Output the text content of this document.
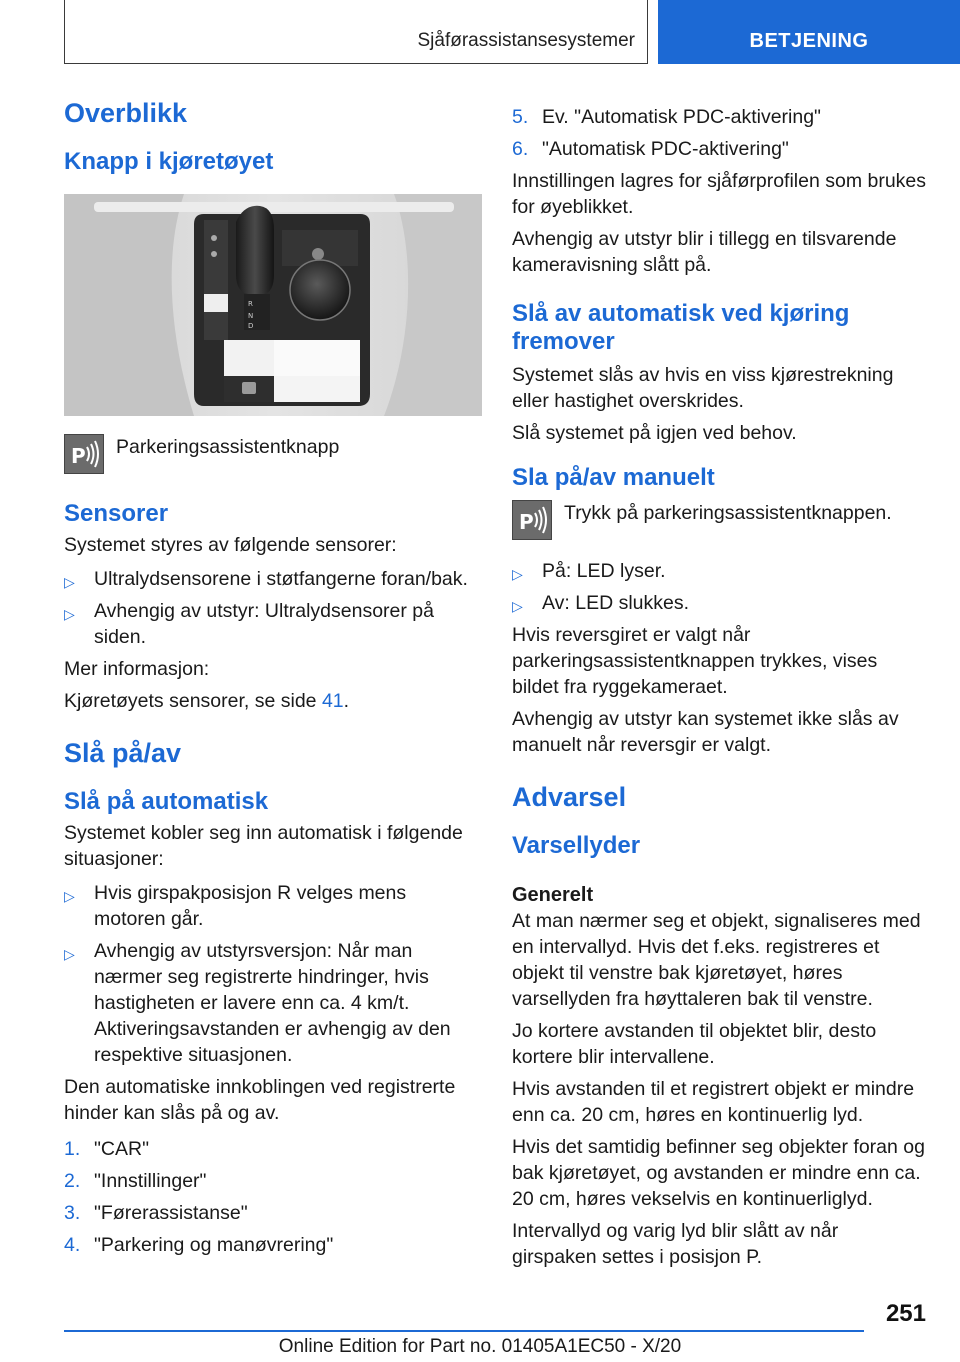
Sjåførassistansesystemer	BETJENING
Overblikk
Knapp i kjøretøyet
R
N
D
P	Parkeringsassistentknapp
Sensorer

Systemet styres av følgende sensorer:

▷ Ultralydsensorene i støtfangerne foran/bak.
▷ Avhengig av utstyr: Ultralydsensorer på siden.

Mer informasjon:

Kjøretøyets sensorer, se side 41.

Slå på/av
Slå på automatisk

Systemet kobler seg inn automatisk i følgende situasjoner:

▷ Hvis girspakposisjon R velges mens motoren går.
▷ Avhengig av utstyrsversjon: Når man nærmer seg registrerte hindringer, hvis hastigheten er lavere enn ca. 4 km/t. Aktiveringsavstanden er avhengig av den respektive situasjonen.

Den automatiske innkoblingen ved registrerte hinder kan slås på og av.

1. "CAR"
2. "Innstillinger"
3. "Førerassistanse"
4. "Parkering og manøvrering"
5. Ev. "Automatisk PDC-aktivering"
6. "Automatisk PDC-aktivering"

Innstillingen lagres for sjåførprofilen som brukes for øyeblikket.

Avhengig av utstyr blir i tillegg en tilsvarende kameravisning slått på.

Slå av automatisk ved kjøring fremover

Systemet slås av hvis en viss kjørestrekning eller hastighet overskrides.

Slå systemet på igjen ved behov.

Sla på/av manuelt
P	Trykk på parkeringsassistentknappen.
▷ På: LED lyser.
▷ Av: LED slukkes.

Hvis reversgiret er valgt når parkeringsassistentknappen trykkes, vises bildet fra ryggekameraet.

Avhengig av utstyr kan systemet ikke slås av manuelt når reversgir er valgt.

Advarsel
Varsellyder
Generelt

At man nærmer seg et objekt, signaliseres med en intervallyd. Hvis det f.eks. registreres et objekt til venstre bak kjøretøyet, høres varsellyden fra høyttaleren bak til venstre.

Jo kortere avstanden til objektet blir, desto kortere blir intervallene.

Hvis avstanden til et registrert objekt er mindre enn ca. 20 cm, høres en kontinuerlig lyd.

Hvis det samtidig befinner seg objekter foran og bak kjøretøyet, og avstanden er mindre enn ca. 20 cm, høres vekselvis en kontinuerliglyd.

Intervallyd og varig lyd blir slått av når girspaken settes i posisjon P.

251
Online Edition for Part no. 01405A1EC50 - X/20
